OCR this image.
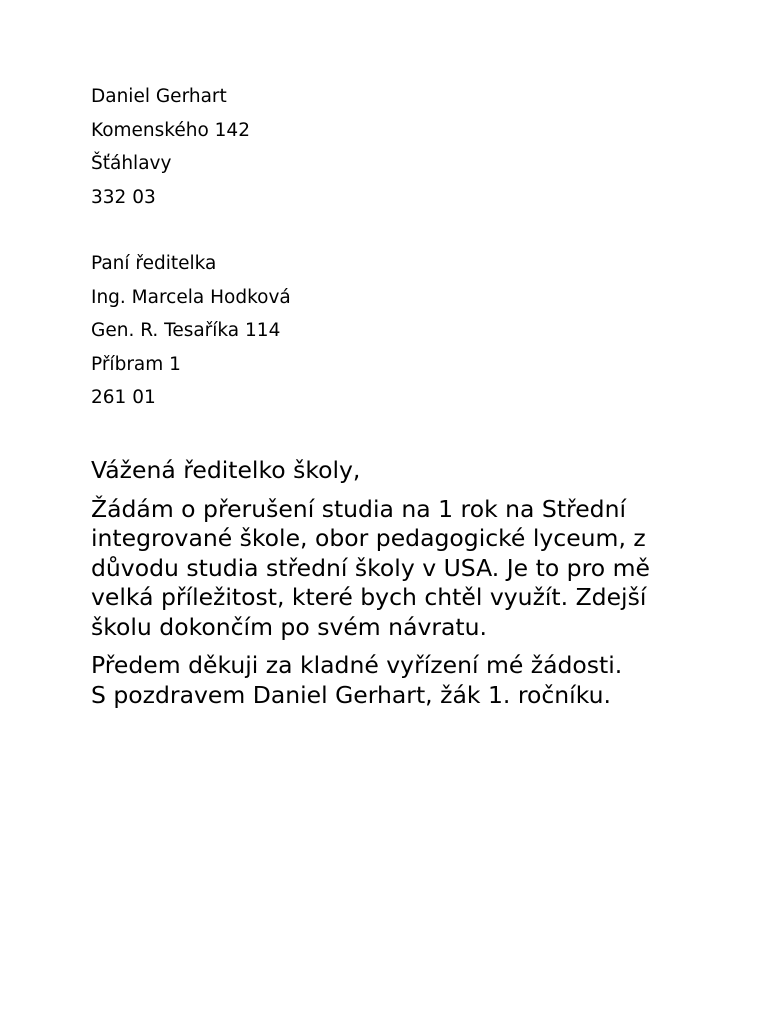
Daniel Gerhart
Komenského 142
Šťáhlavy
332 03
Paní ředitelka
Ing. Marcela Hodková
Gen. R. Tesaříka 114
Příbram 1
261 01

Vážená ředitelko školy,

Žádám o přerušení studia na 1 rok na Střední integrované škole, obor pedagogické lyceum, z důvodu studia střední školy v USA. Je to pro mě velká příležitost, které bych chtěl využít. Zdejší školu dokončím po svém návratu.

Předem děkuji za kladné vyřízení mé žádosti.

S pozdravem Daniel Gerhart, žák 1. ročníku.
